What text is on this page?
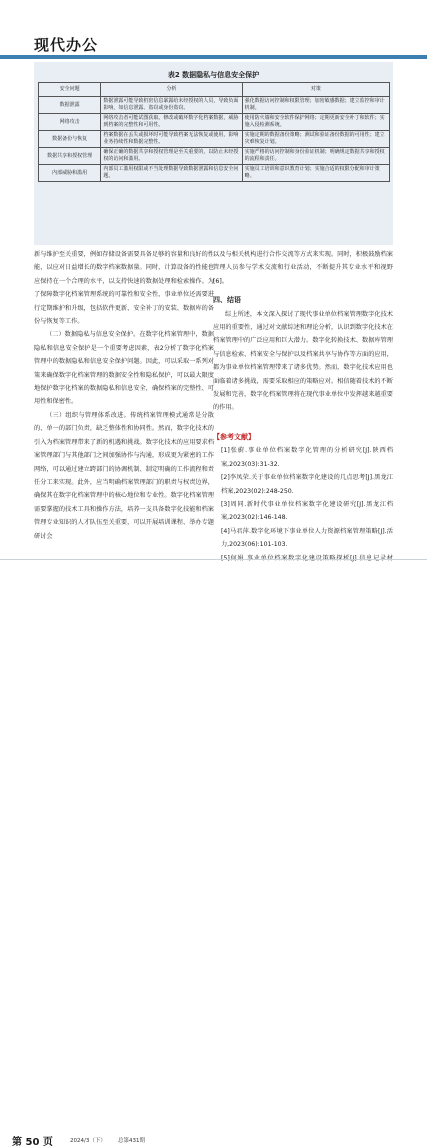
现代办公
表2 数据隐私与信息安全保护
安全问题	分析	对策
数据泄露	数据泄露可能导致机密信息暴露给未经授权的人员，导致负面影响，如信息泄露、盗窃或身份盗窃。	强化数据访问控制和权限管理；加密敏感数据；建立监控和审计机制。
网络攻击	网络攻击者可能试图获取、修改或破坏数字化档案数据，威胁到档案的完整性和可用性。	使用防火墙和安全软件保护网络；定期更新安全补丁和软件；实施入侵检测系统。
数据备份与恢复	档案数据在丢失或损坏时可能导致档案无法恢复或使用，影响业务持续性和数据完整性。	实施定期的数据备份策略；测试和验证备份数据的可用性；建立灾难恢复计划。
数据共享和授权管理	确保正确的数据共享和授权管理是至关重要的，以防止未经授权的访问和滥用。	实施严格的访问控制和身份验证机制；明确规定数据共享和授权的流程和责任。
内部威胁和滥用	内部员工滥用权限或不当处理数据导致数据泄露和信息安全问题。	实施员工培训和意识教育计划；实施合适的权限分配和审计策略。

新与维护至关重要，例如存储设备需要具备足够的容量和良好的性能，以应对日益增长的数字档案数据量。同时，计算设备的性能也应保持在一个合理的水平，以支持快速的数据处理和检索操作。为了保障数字化档案管理系统的可靠性和安全性，事业单位还需要进行定期维护和升级，包括软件更新、安全补丁的安装、数据库的备份与恢复等工作。

（二）数据隐私与信息安全保护。在数字化档案管理中，数据隐私和信息安全保护是一个重要考虑因素，表2分析了数字化档案管理中的数据隐私和信息安全保护问题。因此，可以采取一系列对策来确保数字化档案管理的数据安全性和隐私保护，可以最大限度地保护数字化档案的数据隐私和信息安全，确保档案的完整性、可用性和保密性。

（三）组织与管理体系改进。传统档案管理模式通常是分散的、单一的部门负责，缺乏整体性和协同性。然而，数字化技术的引入为档案管理带来了新的机遇和挑战。数字化技术的应用要求档案管理部门与其他部门之间加强协作与沟通，形成更为紧密的工作网络，可以通过建立跨部门的协调机制、制定明确的工作流程和责任分工来实现。此外，应当明确档案管理部门的职责与权责边界，确保其在数字化档案管理中的核心地位和专业性。数字化档案管理需要掌握的技术工具和操作方法，培养一支具备数字化技能和档案管理专业知识的人才队伍至关重要，可以开展培训课程、举办专题研讨会

以及与相关机构进行合作交流等方式来实现。同时，积极鼓励档案管理人员参与学术交流和行业活动，不断提升其专业水平和视野[6]。

四、结语

综上所述，本文深入探讨了现代事业单位档案管理数字化技术应用的重要性，通过对文献综述和理论分析，认识到数字化技术在档案管理中的广泛应用和巨大潜力。数字化转换技术、数据库管理与信息检索、档案安全与保护以及档案共享与协作等方面的应用，都为事业单位档案管理带来了诸多优势。然而，数字化技术应用也面临着诸多挑战，需要采取相应的策略应对。相信随着技术的不断发展和完善，数字化档案管理将在现代事业单位中发挥越来越重要的作用。

【参考文献】

[1]张蔚.事业单位档案数字化管理的分析研究[J].陕西档案,2023(03):31-32.

[2]李凤荣.关于事业单位档案数字化建设的几点思考[J].黑龙江档案,2023(02):248-250.

[3]周同.新时代事业单位档案数字化建设研究[J].黑龙江档案,2023(02):146-148.

[4]马君萍.数字化环境下事业单位人力资源档案管理策略[J].活力,2023(06):101-103.

第 50 页	2024/3（下） 总第431期
